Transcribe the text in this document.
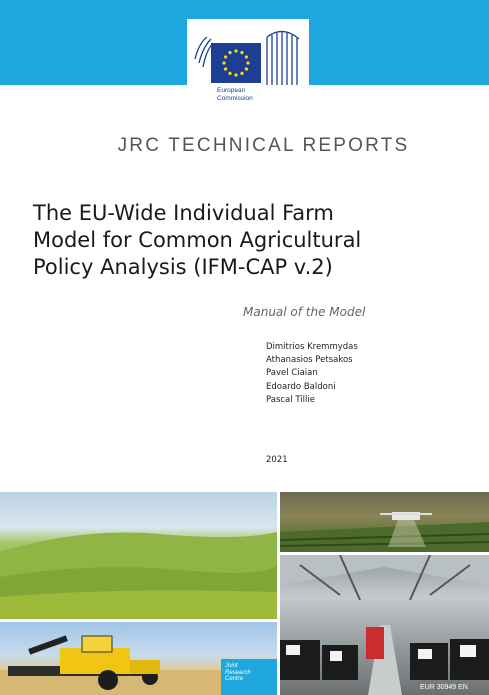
European
Commission
JRC TECHNICAL REPORTS
The EU-Wide Individual Farm
Model for Common Agricultural
Policy Analysis (IFM-CAP v.2)
Manual of the Model
Dimitrios Kremmydas
Athanasios Petsakos
Pavel Ciaian
Edoardo Baldoni
Pascal Tillie
2021
Joint
Research
Centre
EUR 30949 EN
